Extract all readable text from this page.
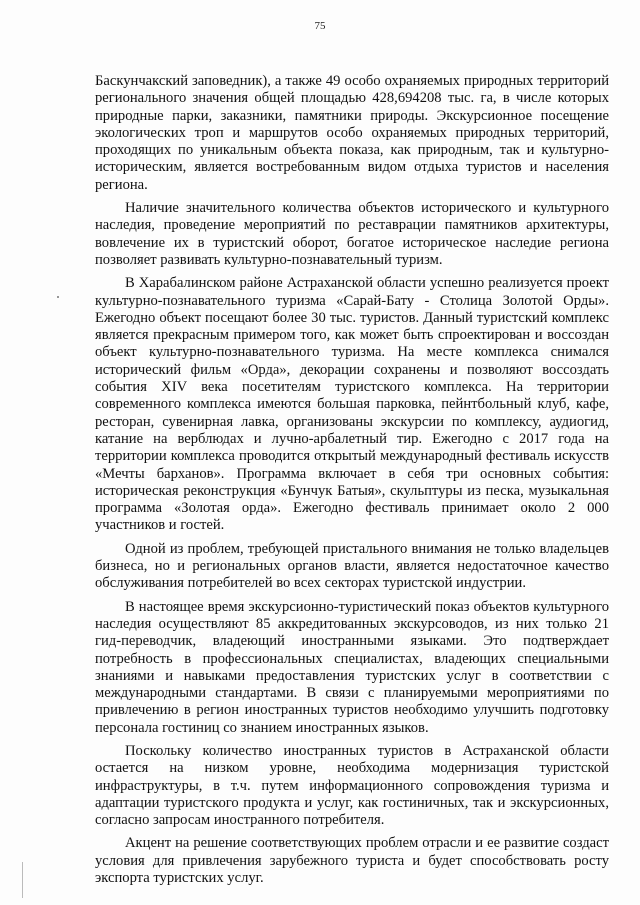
75

Баскунчакский заповедник), а также 49 особо охраняемых природных территорий регионального значения общей площадью 428,694208 тыс. га, в числе которых природные парки, заказники, памятники природы. Экскурсионное посещение экологических троп и маршрутов особо охраняемых природных территорий, проходящих по уникальным объекта показа, как природным, так и культурно-историческим, является востребованным видом отдыха туристов и населения региона.

Наличие значительного количества объектов исторического и культурного наследия, проведение мероприятий по реставрации памятников архитектуры, вовлечение их в туристский оборот, богатое историческое наследие региона позволяет развивать культурно-познавательный туризм.

В Харабалинском районе Астраханской области успешно реализуется проект культурно-познавательного туризма «Сарай-Бату - Столица Золотой Орды». Ежегодно объект посещают более 30 тыс. туристов. Данный туристский комплекс является прекрасным примером того, как может быть спроектирован и воссоздан объект культурно-познавательного туризма. На месте комплекса снимался исторический фильм «Орда», декорации сохранены и позволяют воссоздать события XIV века посетителям туристского комплекса. На территории современного комплекса имеются большая парковка, пейнтбольный клуб, кафе, ресторан, сувенирная лавка, организованы экскурсии по комплексу, аудиогид, катание на верблюдах и лучно-арбалетный тир. Ежегодно с 2017 года на территории комплекса проводится открытый международный фестиваль искусств «Мечты барханов». Программа включает в себя три основных события: историческая реконструкция «Бунчук Батыя», скульптуры из песка, музыкальная программа «Золотая орда». Ежегодно фестиваль принимает около 2 000 участников и гостей.

Одной из проблем, требующей пристального внимания не только владельцев бизнеса, но и региональных органов власти, является недостаточное качество обслуживания потребителей во всех секторах туристской индустрии.

В настоящее время экскурсионно-туристический показ объектов культурного наследия осуществляют 85 аккредитованных экскурсоводов, из них только 21 гид-переводчик, владеющий иностранными языками. Это подтверждает потребность в профессиональных специалистах, владеющих специальными знаниями и навыками предоставления туристских услуг в соответствии с международными стандартами. В связи с планируемыми мероприятиями по привлечению в регион иностранных туристов необходимо улучшить подготовку персонала гостиниц со знанием иностранных языков.

Поскольку количество иностранных туристов в Астраханской области остается на низком уровне, необходима модернизация туристской инфраструктуры, в т.ч. путем информационного сопровождения туризма и адаптации туристского продукта и услуг, как гостиничных, так и экскурсионных, согласно запросам иностранного потребителя.

Акцент на решение соответствующих проблем отрасли и ее развитие создаст условия для привлечения зарубежного туриста и будет способствовать росту экспорта туристских услуг.
